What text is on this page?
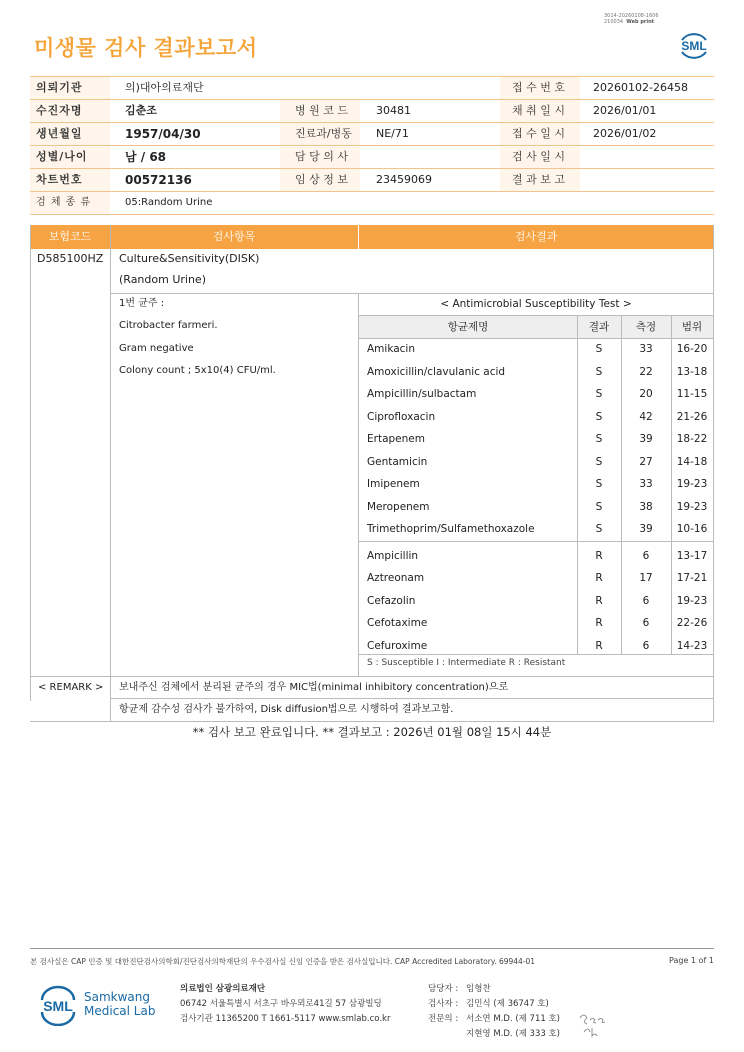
3014-20260108-1606
210034 Web print
미생물 검사 결과보고서	SML
의뢰기관	의)대아의료재단	접 수 번 호	20260102-26458
수진자명	김춘조	병 원 코 드	30481	채 취 일 시	2026/01/01
생년월일	1957/04/30	진료과/병동 NE/71	접 수 일 시	2026/01/02
성별/나이	남 / 68	담 당 의 사	검 사 일 시
차트번호	00572136	임 상 정 보	23459069	결 과 보 고
검 체 종 류	05:Random Urine
보험코드	검사항목	검사결과
D585100HZ Culture&Sensitivity(DISK)
(Random Urine)
1번 균주 :
Citrobacter farmeri.
Gram negative
Colony count ; 5x10(4) CFU/ml.
< Antimicrobial Susceptibility Test >
항균제명	결과	측정	범위
Amikacin	S	33	16-20
Amoxicillin/clavulanic acid	S	22	13-18
Ampicillin/sulbactam	S	20	11-15
Ciprofloxacin	S	42	21-26
Ertapenem	S	39	18-22
Gentamicin	S	27	14-18
Imipenem	S	33	19-23
Meropenem	S	38	19-23
Trimethoprim/Sulfamethoxazole	S	39	10-16
Ampicillin	R	6	13-17
Aztreonam	R	17	17-21
Cefazolin	R	6	19-23
Cefotaxime	R	6	22-26
Cefuroxime	R	6	14-23
S : Susceptible I : Intermediate R : Resistant
< REMARK > 보내주신 검체에서 분리된 균주의 경우 MIC법(minimal inhibitory concentration)으로
항균제 감수성 검사가 불가하여, Disk diffusion법으로 시행하여 결과보고함.
** 검사 보고 완료입니다. ** 결과보고 : 2026년 01월 08일 15시 44분
본 검사실은 CAP 인증 및 대한진단검사의학회/진단검사의학재단의 우수검사실 신임 인증을 받은 검사실입니다. CAP Accredited Laboratory. 69944-01	Page 1 of 1
SML
Samkwang
Medical Lab
의료법인 삼광의료재단
06742 서울특별시 서초구 바우뫼로41길 57 삼광빌딩
검사기관 11365200 T 1661-5117 www.smlab.co.kr
담당자 : 임형찬
검사자 : 김민식 (제 36747 호)
전문의 : 서소연 M.D. (제 711 호)
지현영 M.D. (제 333 호)
